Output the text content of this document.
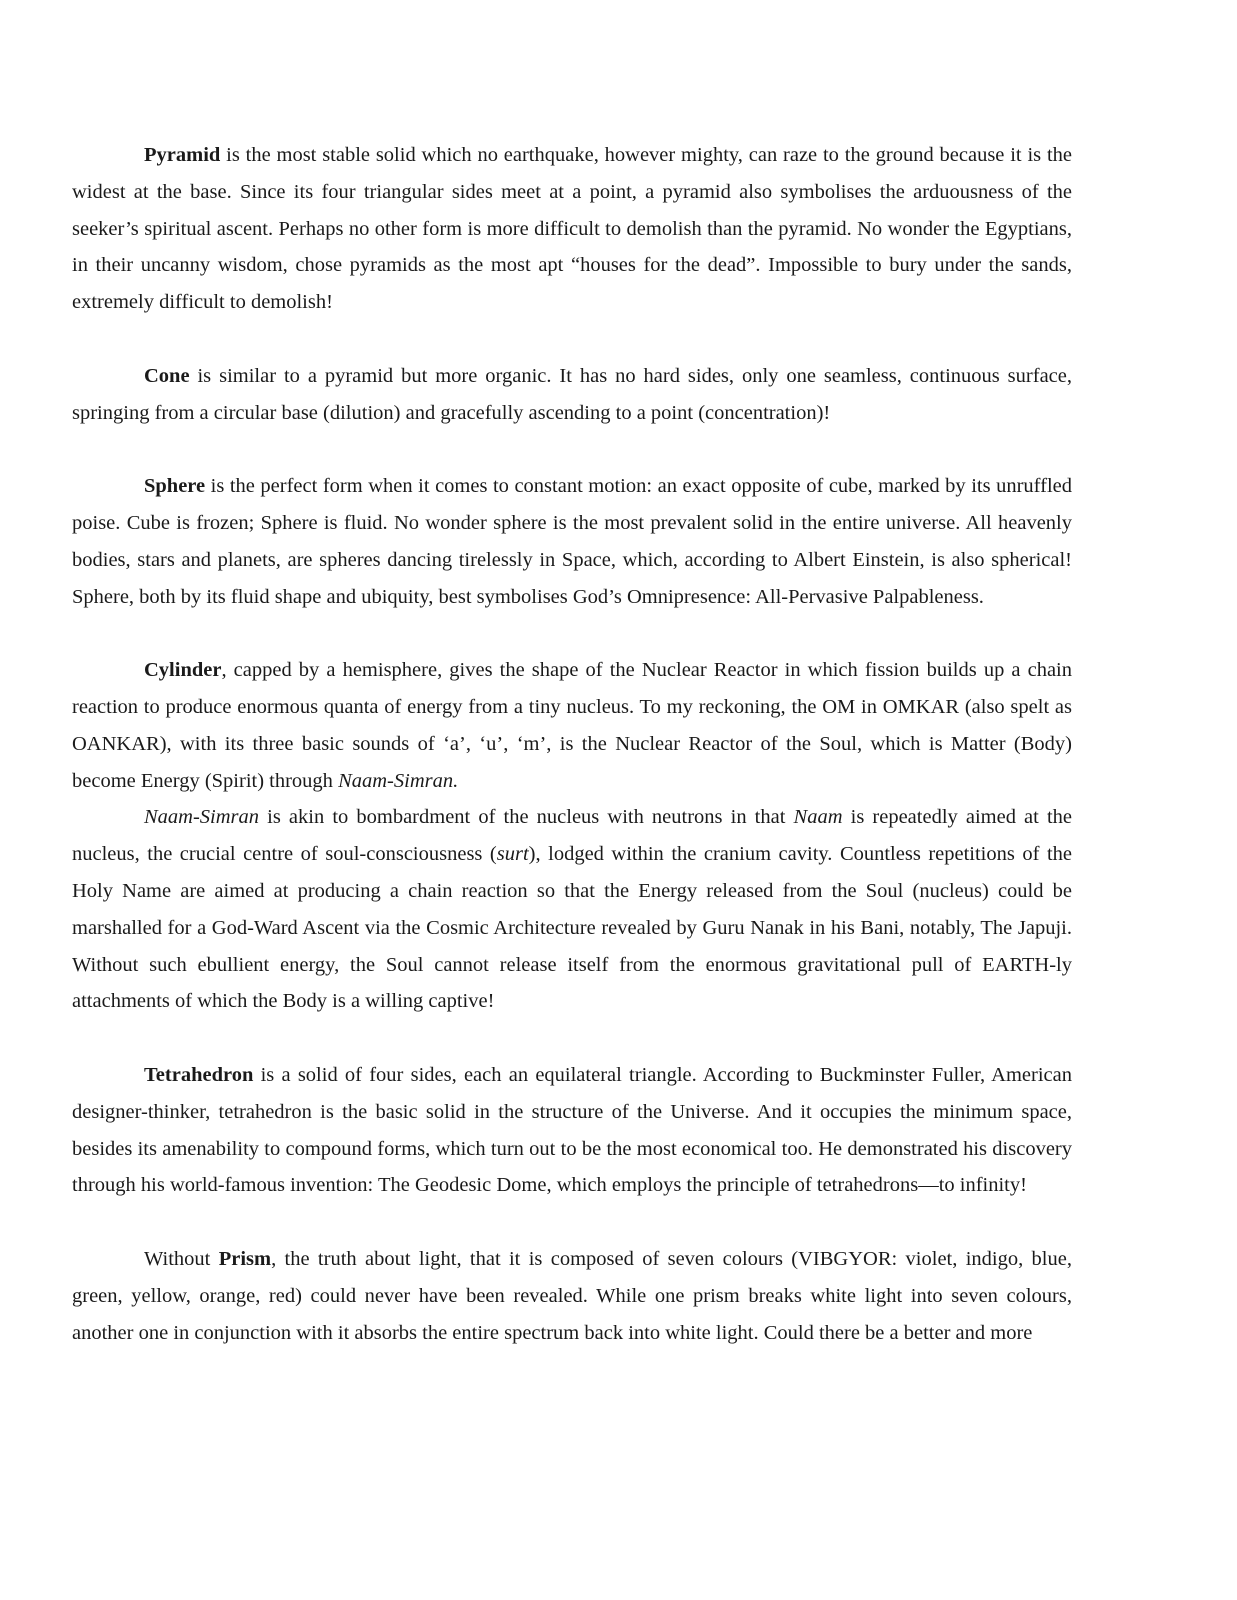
Pyramid is the most stable solid which no earthquake, however mighty, can raze to the ground because it is the widest at the base. Since its four triangular sides meet at a point, a pyramid also symbolises the arduousness of the seeker’s spiritual ascent. Perhaps no other form is more difficult to demolish than the pyramid. No wonder the Egyptians, in their uncanny wisdom, chose pyramids as the most apt “houses for the dead”. Impossible to bury under the sands, extremely difficult to demolish!

Cone is similar to a pyramid but more organic. It has no hard sides, only one seamless, continuous surface, springing from a circular base (dilution) and gracefully ascending to a point (concentration)!

Sphere is the perfect form when it comes to constant motion: an exact opposite of cube, marked by its unruffled poise. Cube is frozen; Sphere is fluid. No wonder sphere is the most prevalent solid in the entire universe. All heavenly bodies, stars and planets, are spheres dancing tirelessly in Space, which, according to Albert Einstein, is also spherical! Sphere, both by its fluid shape and ubiquity, best symbolises God’s Omnipresence: All-Pervasive Palpableness.

Cylinder, capped by a hemisphere, gives the shape of the Nuclear Reactor in which fission builds up a chain reaction to produce enormous quanta of energy from a tiny nucleus. To my reckoning, the OM in OMKAR (also spelt as OANKAR), with its three basic sounds of ‘a’, ‘u’, ‘m’, is the Nuclear Reactor of the Soul, which is Matter (Body) become Energy (Spirit) through Naam-Simran.

Naam-Simran is akin to bombardment of the nucleus with neutrons in that Naam is repeatedly aimed at the nucleus, the crucial centre of soul-consciousness (surt), lodged within the cranium cavity. Countless repetitions of the Holy Name are aimed at producing a chain reaction so that the Energy released from the Soul (nucleus) could be marshalled for a God-Ward Ascent via the Cosmic Architecture revealed by Guru Nanak in his Bani, notably, The Japuji. Without such ebullient energy, the Soul cannot release itself from the enormous gravitational pull of EARTH-ly attachments of which the Body is a willing captive!

Tetrahedron is a solid of four sides, each an equilateral triangle. According to Buckminster Fuller, American designer-thinker, tetrahedron is the basic solid in the structure of the Universe. And it occupies the minimum space, besides its amenability to compound forms, which turn out to be the most economical too. He demonstrated his discovery through his world-famous invention: The Geodesic Dome, which employs the principle of tetrahedrons—to infinity!

Without Prism, the truth about light, that it is composed of seven colours (VIBGYOR: violet, indigo, blue, green, yellow, orange, red) could never have been revealed. While one prism breaks white light into seven colours, another one in conjunction with it absorbs the entire spectrum back into white light. Could there be a better and more
